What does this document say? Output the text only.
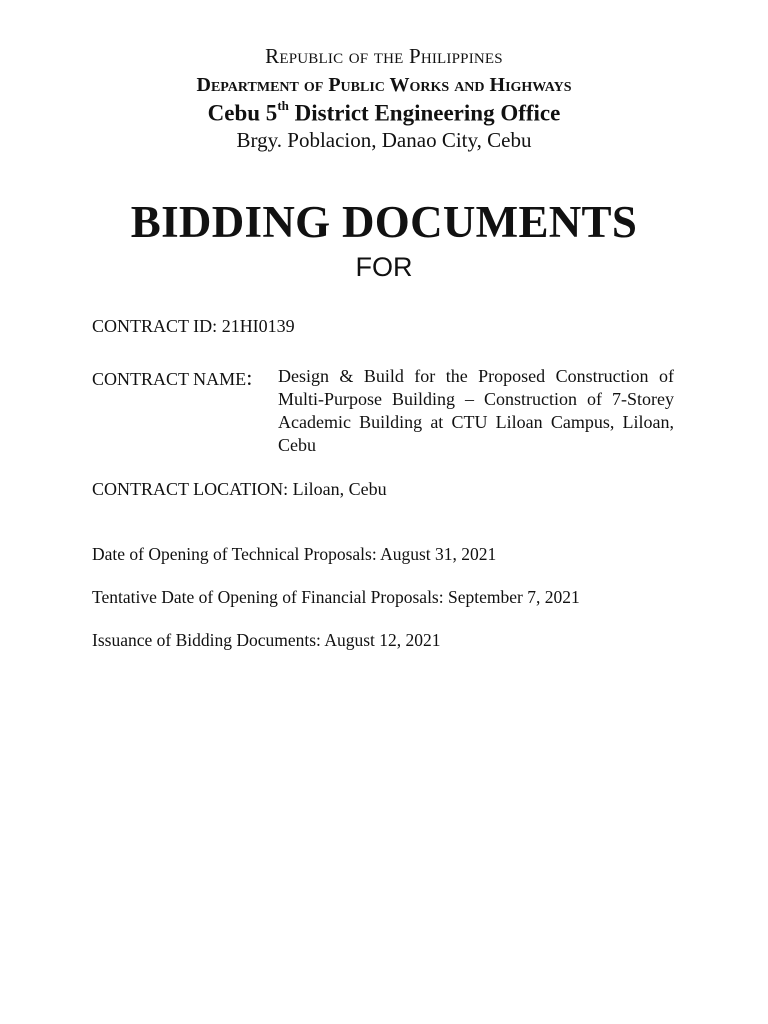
Republic of the Philippines
Department of Public Works and Highways
Cebu 5th District Engineering Office
Brgy. Poblacion, Danao City, Cebu
BIDDING DOCUMENTS
FOR
CONTRACT ID: 21HI0139
CONTRACT NAME: Design & Build for the Proposed Construction of Multi-Purpose Building – Construction of 7-Storey Academic Building at CTU Liloan Campus, Liloan, Cebu
CONTRACT LOCATION: Liloan, Cebu
Date of Opening of Technical Proposals: August 31, 2021
Tentative Date of Opening of Financial Proposals: September 7, 2021
Issuance of Bidding Documents: August 12, 2021
